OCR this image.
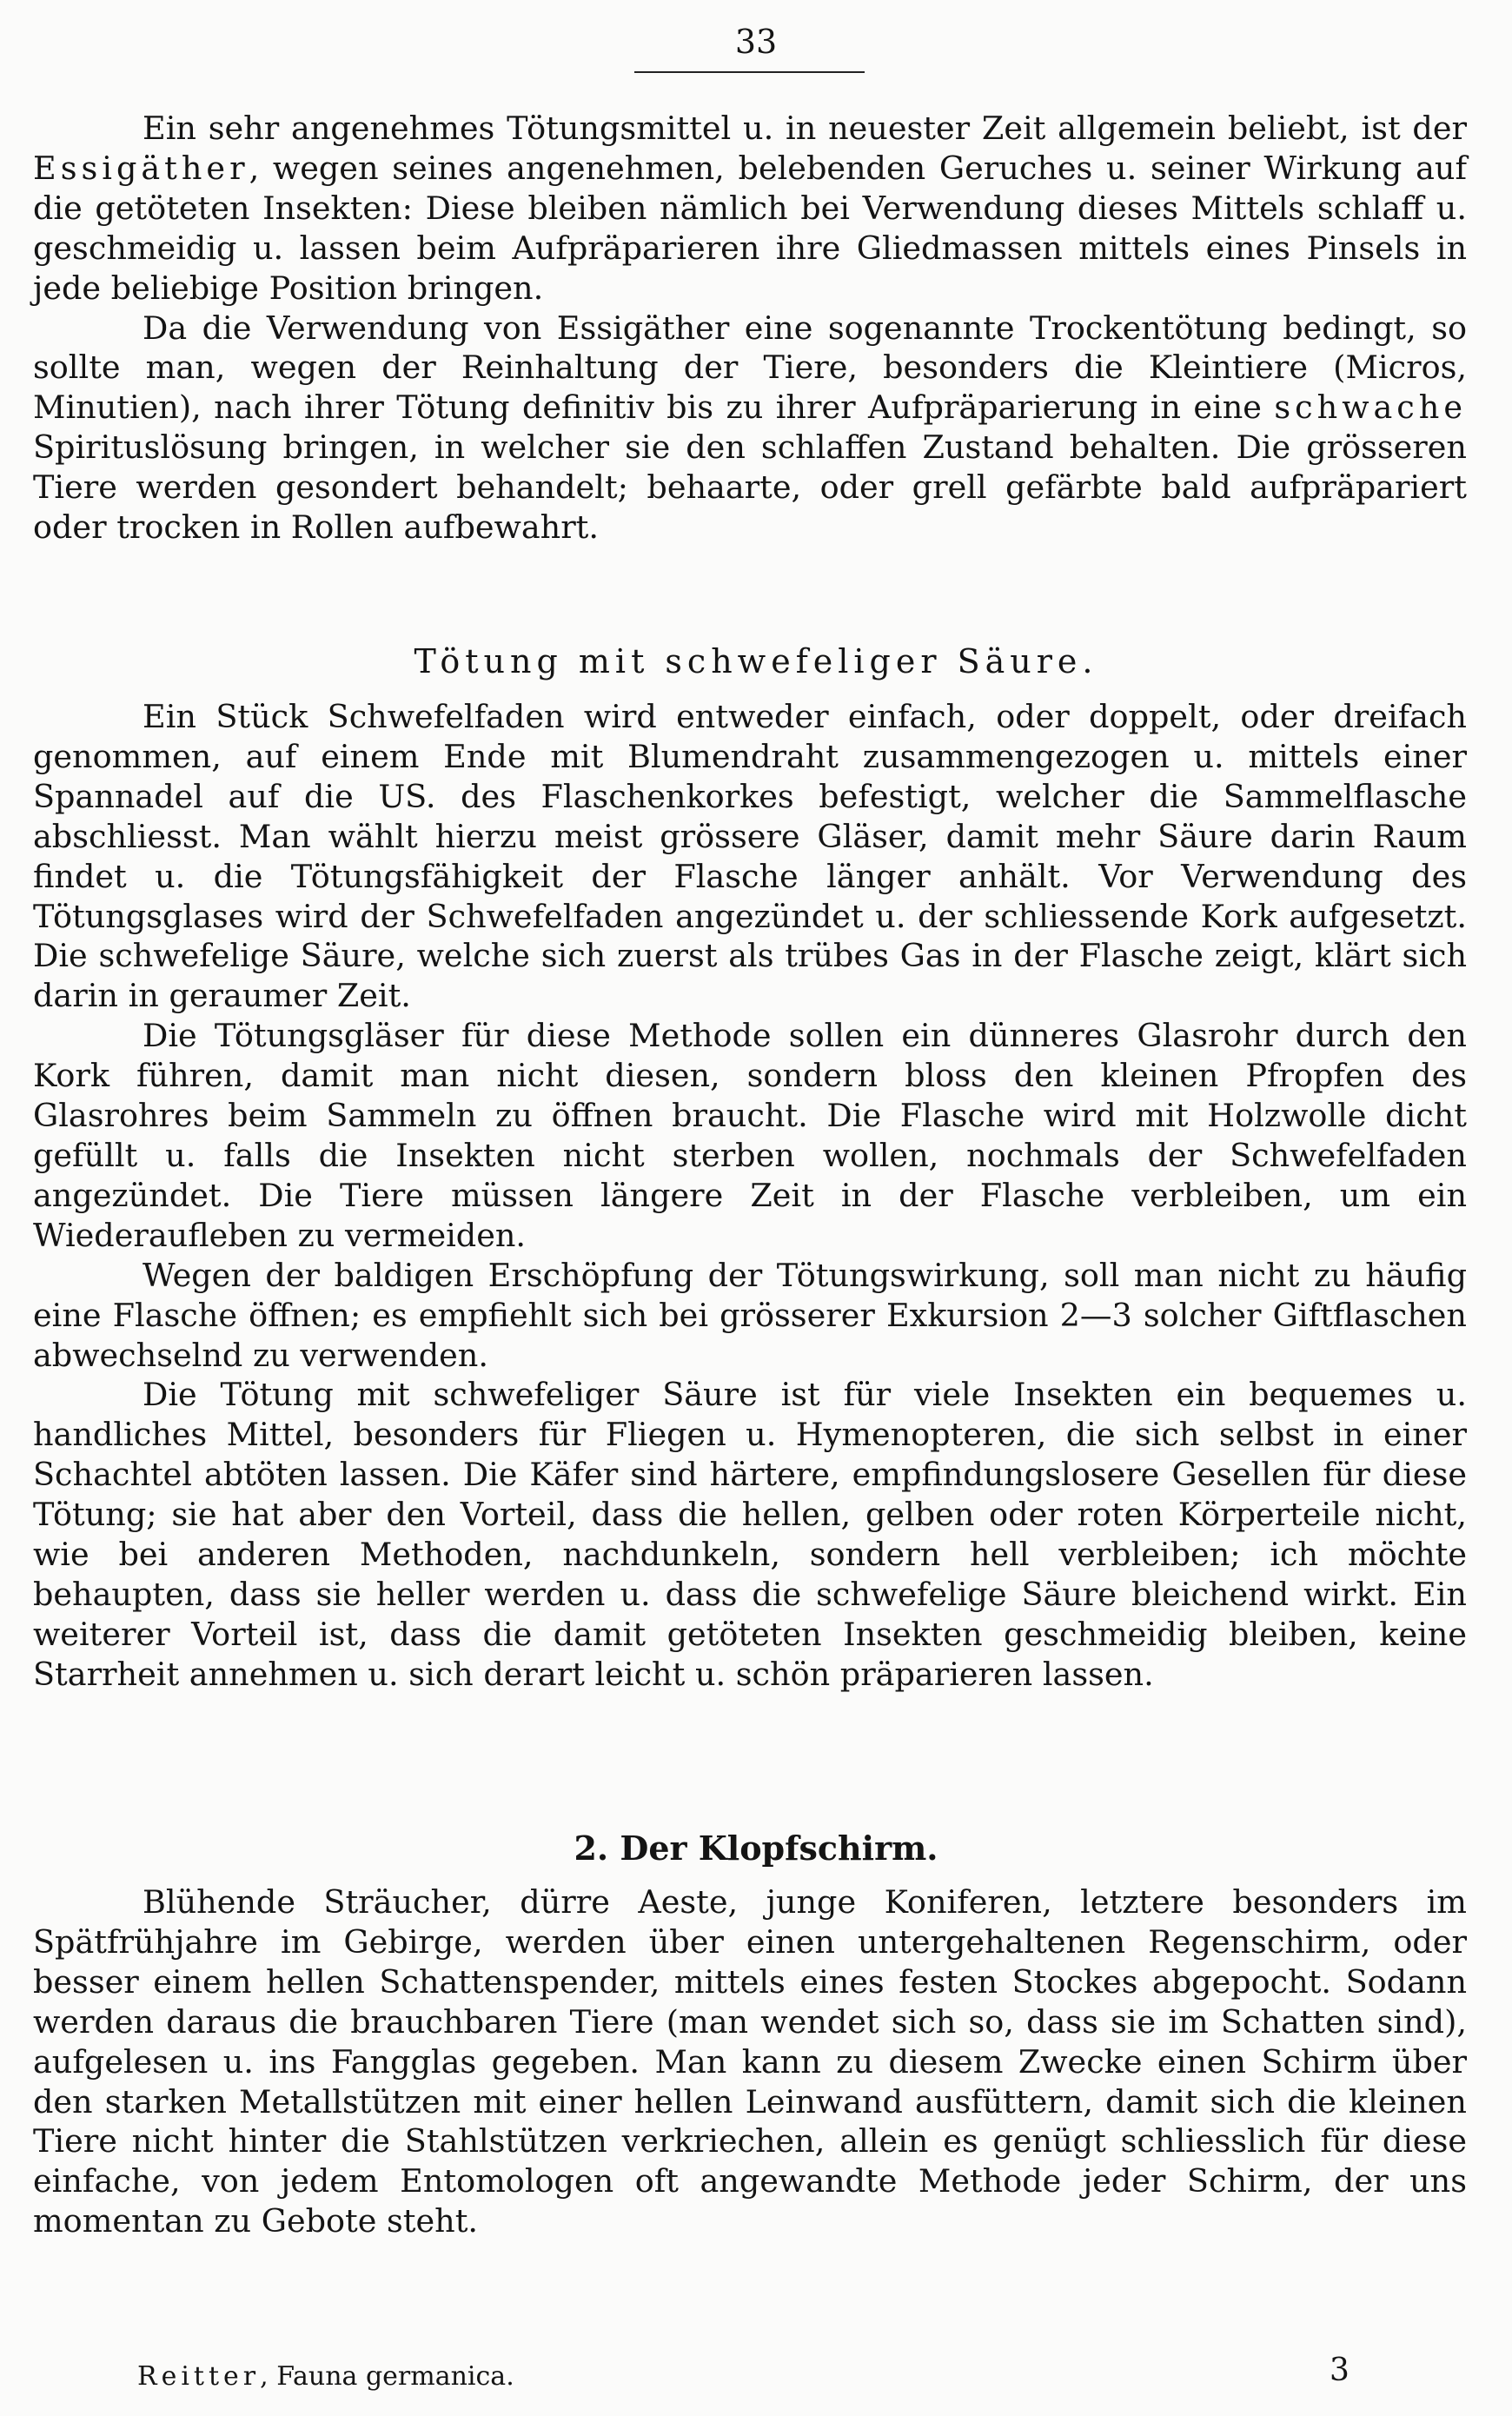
33

Ein sehr angenehmes Tötungsmittel u. in neuester Zeit allgemein beliebt, ist der Essigäther, wegen seines angenehmen, belebenden Geruches u. seiner Wirkung auf die getöteten Insekten: Diese bleiben nämlich bei Verwendung dieses Mittels schlaff u. geschmeidig u. lassen beim Aufpräparieren ihre Gliedmassen mittels eines Pinsels in jede beliebige Position bringen.

Da die Verwendung von Essigäther eine sogenannte Trockentötung bedingt, so sollte man, wegen der Reinhaltung der Tiere, besonders die Kleintiere (Micros, Minutien), nach ihrer Tötung definitiv bis zu ihrer Aufpräparierung in eine schwache Spirituslösung bringen, in welcher sie den schlaffen Zustand behalten. Die grösseren Tiere werden gesondert behandelt; behaarte, oder grell gefärbte bald aufpräpariert oder trocken in Rollen aufbewahrt.

Tötung mit schwefeliger Säure.

Ein Stück Schwefelfaden wird entweder einfach, oder doppelt, oder dreifach genommen, auf einem Ende mit Blumendraht zusammengezogen u. mittels einer Spannadel auf die US. des Flaschenkorkes befestigt, welcher die Sammelflasche abschliesst. Man wählt hierzu meist grössere Gläser, damit mehr Säure darin Raum findet u. die Tötungsfähigkeit der Flasche länger anhält. Vor Verwendung des Tötungsglases wird der Schwefelfaden angezündet u. der schliessende Kork aufgesetzt. Die schwefelige Säure, welche sich zuerst als trübes Gas in der Flasche zeigt, klärt sich darin in geraumer Zeit.

Die Tötungsgläser für diese Methode sollen ein dünneres Glasrohr durch den Kork führen, damit man nicht diesen, sondern bloss den kleinen Pfropfen des Glasrohres beim Sammeln zu öffnen braucht. Die Flasche wird mit Holzwolle dicht gefüllt u. falls die Insekten nicht sterben wollen, nochmals der Schwefelfaden angezündet. Die Tiere müssen längere Zeit in der Flasche verbleiben, um ein Wiederaufleben zu vermeiden.

Wegen der baldigen Erschöpfung der Tötungswirkung, soll man nicht zu häufig eine Flasche öffnen; es empfiehlt sich bei grösserer Exkursion 2—3 solcher Giftflaschen abwechselnd zu verwenden.

Die Tötung mit schwefeliger Säure ist für viele Insekten ein bequemes u. handliches Mittel, besonders für Fliegen u. Hymenopteren, die sich selbst in einer Schachtel abtöten lassen. Die Käfer sind härtere, empfindungslosere Gesellen für diese Tötung; sie hat aber den Vorteil, dass die hellen, gelben oder roten Körperteile nicht, wie bei anderen Methoden, nachdunkeln, sondern hell verbleiben; ich möchte behaupten, dass sie heller werden u. dass die schwefelige Säure bleichend wirkt. Ein weiterer Vorteil ist, dass die damit getöteten Insekten geschmeidig bleiben, keine Starrheit annehmen u. sich derart leicht u. schön präparieren lassen.

2. Der Klopfschirm.

Blühende Sträucher, dürre Aeste, junge Koniferen, letztere besonders im Spätfrühjahre im Gebirge, werden über einen untergehaltenen Regenschirm, oder besser einem hellen Schattenspender, mittels eines festen Stockes abgepocht. Sodann werden daraus die brauchbaren Tiere (man wendet sich so, dass sie im Schatten sind), aufgelesen u. ins Fangglas gegeben. Man kann zu diesem Zwecke einen Schirm über den starken Metallstützen mit einer hellen Leinwand ausfüttern, damit sich die kleinen Tiere nicht hinter die Stahlstützen verkriechen, allein es genügt schliesslich für diese einfache, von jedem Entomologen oft angewandte Methode jeder Schirm, der uns momentan zu Gebote steht.

Reitter, Fauna germanica.	3
